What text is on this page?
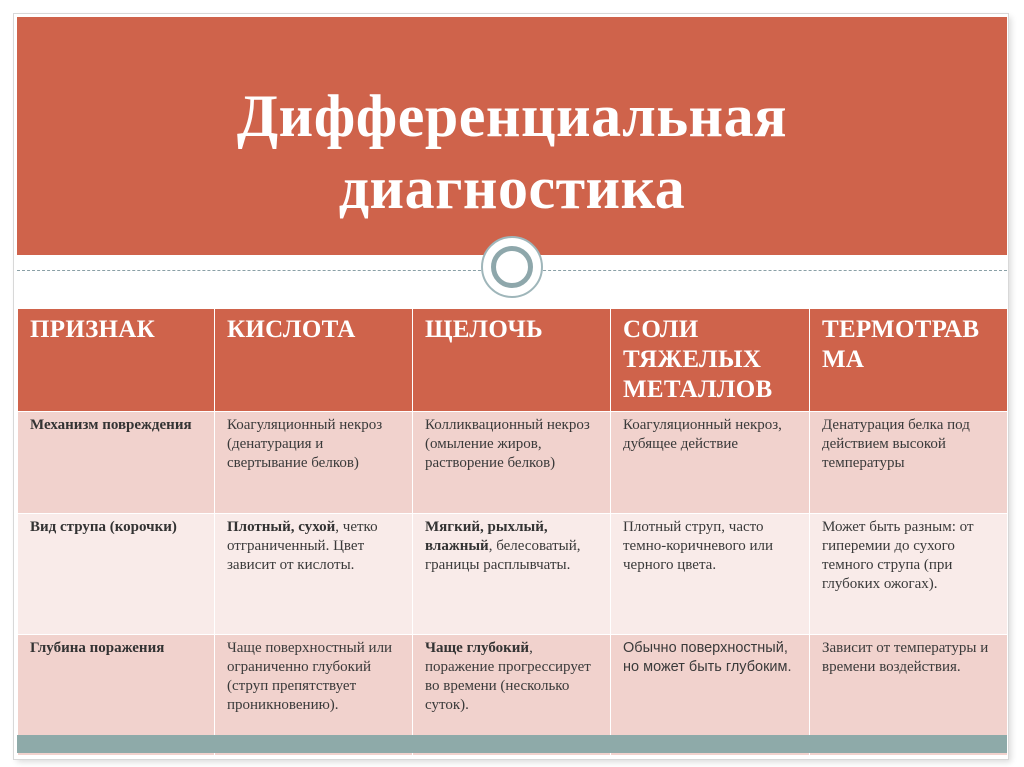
Дифференциальная
диагностика
ПРИЗНАК	КИСЛОТА	ЩЕЛОЧЬ	СОЛИ ТЯЖЕЛЫХ МЕТАЛЛОВ	ТЕРМОТРАВ МА
Механизм повреждения	Коагуляционный некроз (денатурация и свертывание белков)	Колликвационный некроз (омыление жиров, растворение белков)	Коагуляционный некроз, дубящее действие	Денатурация белка под действием высокой температуры
Вид струпа (корочки)	Плотный, сухой, четко отграниченный. Цвет зависит от кислоты.	Мягкий, рыхлый, влажный, белесоватый, границы расплывчаты.	Плотный струп, часто темно-коричневого или черного цвета.	Может быть разным: от гиперемии до сухого темного струпа (при глубоких ожогах).
Глубина поражения	Чаще поверхностный или ограниченно глубокий (струп препятствует проникновению).	Чаще глубокий, поражение прогрессирует во времени (несколько суток).	Обычно поверхностный, но может быть глубоким.	Зависит от температуры и времени воздействия.
